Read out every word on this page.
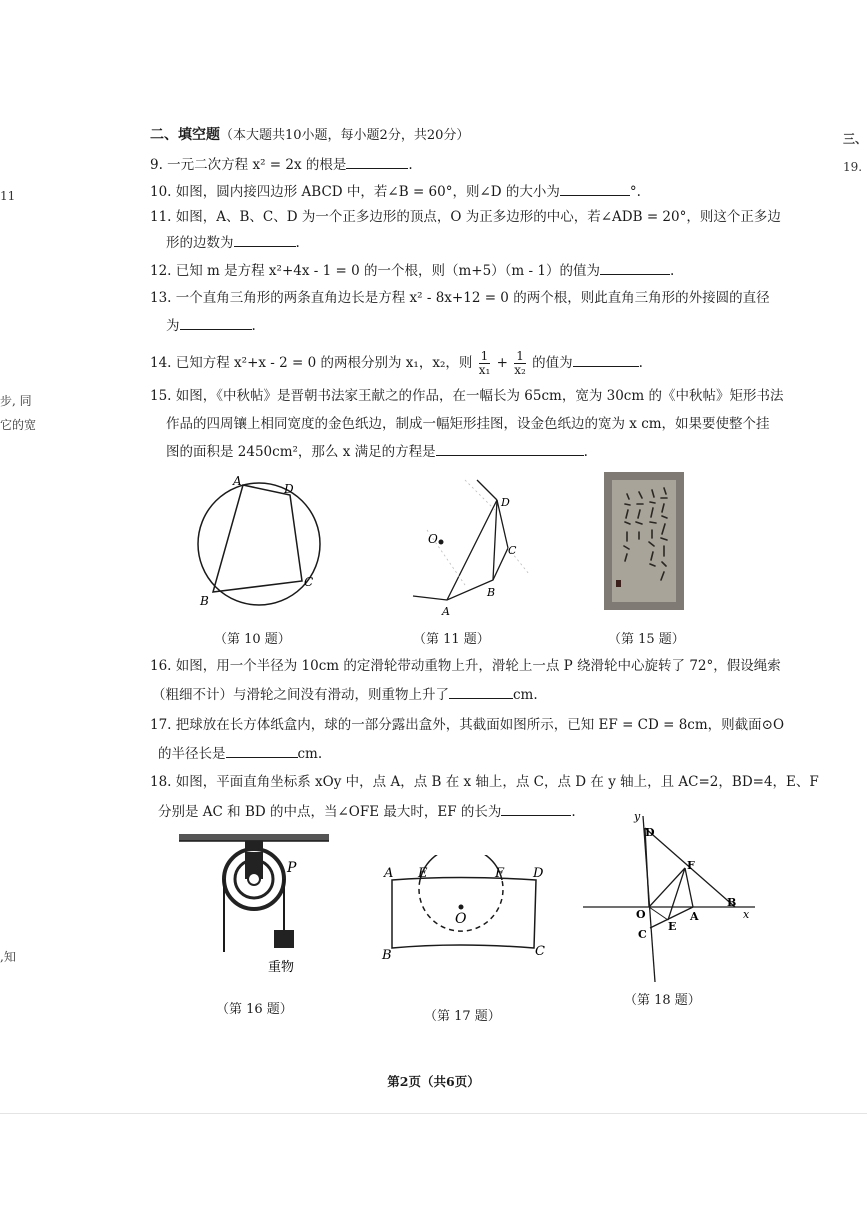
11
步, 同
它的宽
,知
三、
19.
二、填空题（本大题共10小题，每小题2分，共20分）
9. 一元二次方程 x² = 2x 的根是	.
10. 如图，圆内接四边形 ABCD 中，若∠B = 60°，则∠D 的大小为	°.
11. 如图，A、B、C、D 为一个正多边形的顶点，O 为正多边形的中心，若∠ADB = 20°，则这个正多边
形的边数为	.
12. 已知 m 是方程 x²+4x - 1 = 0 的一个根，则（m+5）（m - 1）的值为	.
13. 一个直角三角形的两条直角边长是方程 x² - 8x+12 = 0 的两个根，则此直角三角形的外接圆的直径
为	.
14. 已知方程 x²+x - 2 = 0 的两根分别为 x₁，x₂，则 $\frac{1}{\text{x₁}} + \frac{1}{\text{x₂}}$ 的值为	.
15. 如图，《中秋帖》是晋朝书法家王献之的作品，在一幅长为 65cm，宽为 30cm 的《中秋帖》矩形书法
作品的四周镶上相同宽度的金色纸边，制成一幅矩形挂图，设金色纸边的宽为 x cm，如果要使整个挂
图的面积是 2450cm²，那么 x 满足的方程是	.
A
D
C
B
（第 10 题）
O
D
C
B
A
（第 11 题）	（第 15 题）
16. 如图，用一个半径为 10cm 的定滑轮带动重物上升，滑轮上一点 P 绕滑轮中心旋转了 72°，假设绳索
（粗细不计）与滑轮之间没有滑动，则重物上升了	cm.
17. 把球放在长方体纸盒内，球的一部分露出盒外，其截面如图所示，已知 EF = CD = 8cm，则截面⊙O
的半径长是	cm.
18. 如图，平面直角坐标系 xOy 中，点 A，点 B 在 x 轴上，点 C，点 D 在 y 轴上，且 AC=2，BD=4，E、F
分别是 AC 和 BD 的中点，当∠OFE 最大时，EF 的长为	.
P
重物
（第 16 题）
A E	F D
O
B	C
（第 17 题）
y
D
F
O	A
B
x
C
E
（第 18 题）
第2页（共6页）
